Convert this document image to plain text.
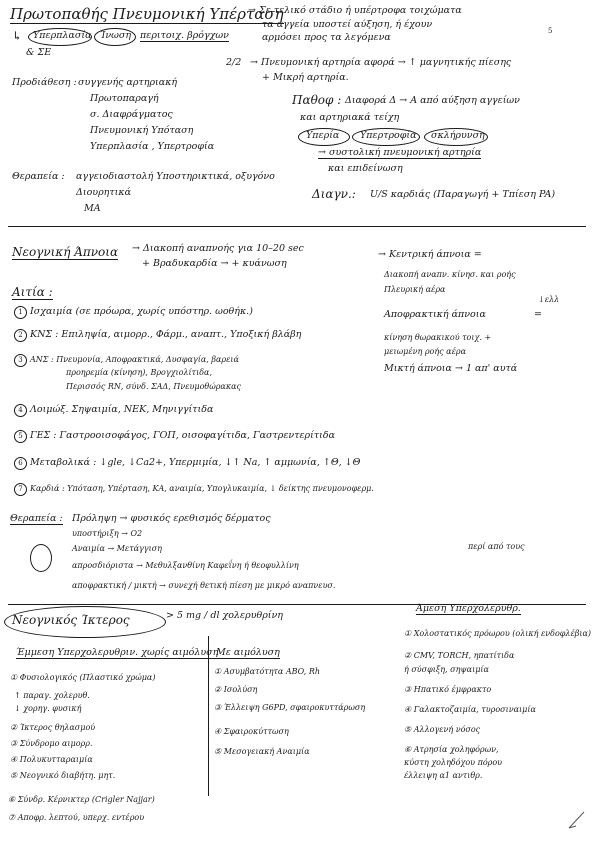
Πρωτοπαθής Πνευμονική Υπέρταση
→ Σε τελικό στάδιο ή υπέρτροφα τοιχώματα
τα αγγεία υποστεί αύξηση, ή έχουν
αρμόσει προς τα λεγόμενα
5
↳ Υπερπλασία Ίνωση περιτοιχ. βρόγχων
& ΣΕ
2/2 → Πνευμονική αρτηρία αφορά → ↑ μαγνητικής πίεσης
+ Μικρή αρτηρία.
Προδιάθεση : συγγενής αρτηριακή
Πρωτοπαραγή
σ. Διαφράγματος
Πνευμονική Υπόταση
Υπερπλασία , Υπερτροφία
Παθοφ : Διαφορά Δ → Α από αύξηση αγγείων
και αρτηριακά τείχη
Υπερία Υπερτροφία σκλήρυνση
→ συστολική πνευμονική αρτηρία
και επιδείνωση
Θεραπεία : αγγειοδιαστολή Υποστηρικτικά, οξυγόνο
Διουρητικά
MA
Διαγν.: U/S καρδιάς (Παραγωγή + Τπίεση PA)
Νεογνική Άπνοια → Διακοπή αναπνοής για 10–20 sec
+ Βραδυκαρδία → + κυάνωση
→ Κεντρική άπνοια =
Διακοπή αναπν. κίνησ. και ροής
Πλευρική αέρα
Αποφρακτική άπνοια	=
↓ελλ
κίνηση θωρακικού τοιχ. +
μειωμένη ροής αέρα
Μικτή άπνοια → 1 απ' αυτά
Αιτία :
1 Ισχαιμία (σε πρόωρα, χωρίς υπόστηρ. ωοθήκ.)
2 ΚΝΣ : Επιληψία, αιμορρ., Φάρμ., αναπτ., Υποξική βλάβη
3 ΑΝΣ : Πνευμονία, Αποφρακτικά, Δυσφαγία, βαρειά
προηρεμία (κίνηση), Βρογχιολίτιδα,
Περισσός RΝ, σύνδ. ΣΑΔ, Πνευμοθώρακας
4 Λοιμώξ. Σηψαιμία, NEK, Μηνιγγίτιδα
5 ΓΕΣ : Γαστροοισοφάγος, ΓΟΠ, οισοφαγίτιδα, Γαστρεντερίτιδα
6 Μεταβολικά : ↓gle, ↓Ca2+, Υπερμιμία, ↓↑ Na, ↑ αμμωνία, ↑Θ, ↓Θ
7 Καρδιά : Υπόταση, Υπέρταση, ΚΑ, αναιμία, Υπογλυκαιμία, ↓ δείκτης πνευμονοφερμ.
Θεραπεία : Πρόληψη → φυσικός ερεθισμός δέρματος
υποστήριξη → O2
Αναιμία → Μετάγγιση	περί από τους
απροσδιόριστα → Μεθυλξανθίνη Καφεΐνη ή θεοφυλλίνη
αποφρακτική / μικτή → συνεχή θετική πίεση με μικρό αναπνευσ.
Νεογνικός Ίκτερος	> 5 mg / dl χολερυθρίνη
Έμμεση Υπερχολερυθριν. χωρίς αιμόλυση
Με αιμόλυση
Άμεση Υπερχολερυθρ.
① Φυσιολογικός (Πλαστικό χρώμα)
↑ παραγ. χολερυθ.
↓ χορηγ. φυσική
② Ίκτερος θηλασμού
③ Σύνδρομο αιμορρ.
④ Πολυκυτταραιμία
⑤ Νεογνικό διαβήτη. μητ.
⑥ Σύνδρ. Κέρνικτερ (Crigler Najjar)
⑦ Αποφρ. λεπτού, υπερχ. εντέρου
① Ασυμβατότητα ABO, Rh
② Ισολύση
③ Έλλειψη G6PD, σφαιροκυττάρωση
④ Σφαιροκύττωση
⑤ Μεσογειακή Αναιμία
① Χολοστατικός πρόωρου (ολική ενδοφλέβια)
② CMV, TORCH, ηπατίτιδα
ή σύσφιξη, σηψαιμία
③ Ηπατικό έμφρακτο
④ Γαλακτοζαιμία, τυροσιναιμία
⑤ Αλλογενή νόσος
⑥ Ατρησία χοληφόρων,
κύστη χοληδόχου πόρου
έλλειψη α1 αντιθρ.
